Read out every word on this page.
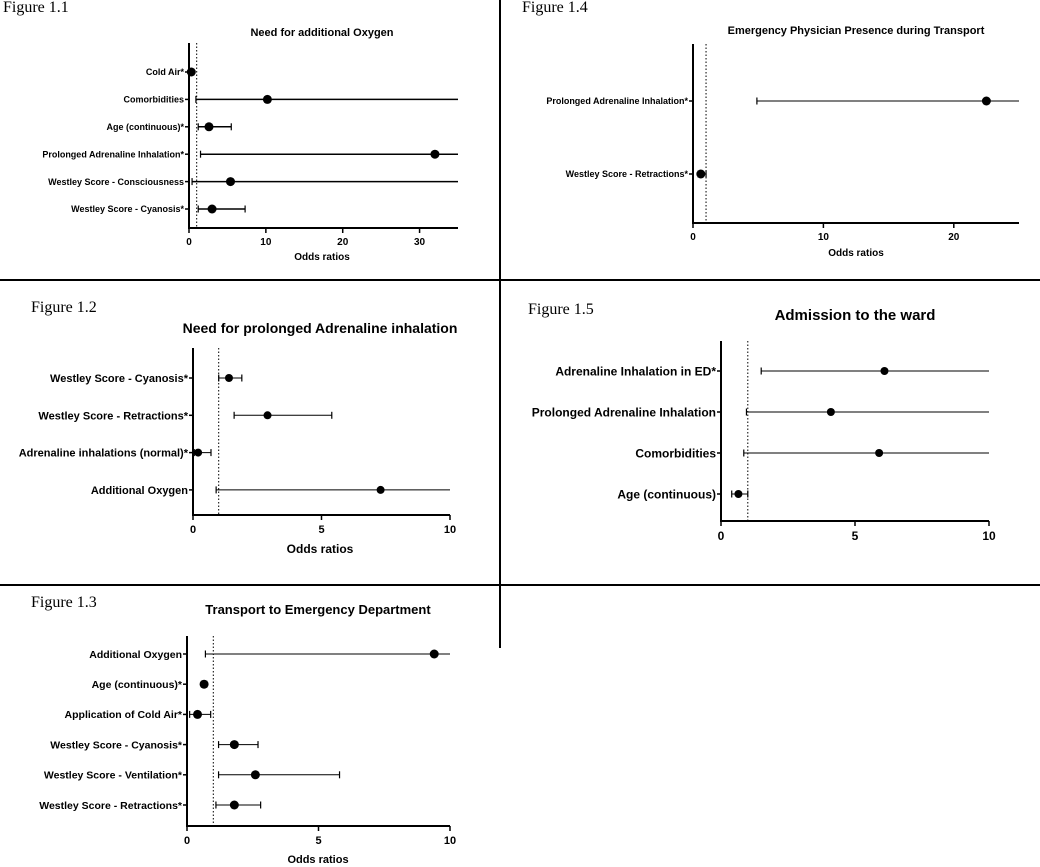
Figure 1.1	Figure 1.4
Figure 1.2	Figure 1.5
Figure 1.3
Need for additional Oxygen
0	10	20	30
Odds ratios
Cold Air*
Comorbidities
Age (continuous)*
Prolonged Adrenaline Inhalation*
Westley Score - Consciousness
Westley Score - Cyanosis*
Emergency Physician Presence during Transport
0	10	20
Odds ratios
Prolonged Adrenaline Inhalation*
Westley Score - Retractions*
Need for prolonged Adrenaline inhalation
0	5	10
Odds ratios
Westley Score - Cyanosis*
Westley Score - Retractions*
Adrenaline inhalations (normal)*
Additional Oxygen
Admission to the ward
0	5	10
Adrenaline Inhalation in ED*
Prolonged Adrenaline Inhalation
Comorbidities
Age (continuous)
Transport to Emergency Department
0	5	10
Odds ratios
Additional Oxygen
Age (continuous)*
Application of Cold Air*
Westley Score - Cyanosis*
Westley Score - Ventilation*
Westley Score - Retractions*
